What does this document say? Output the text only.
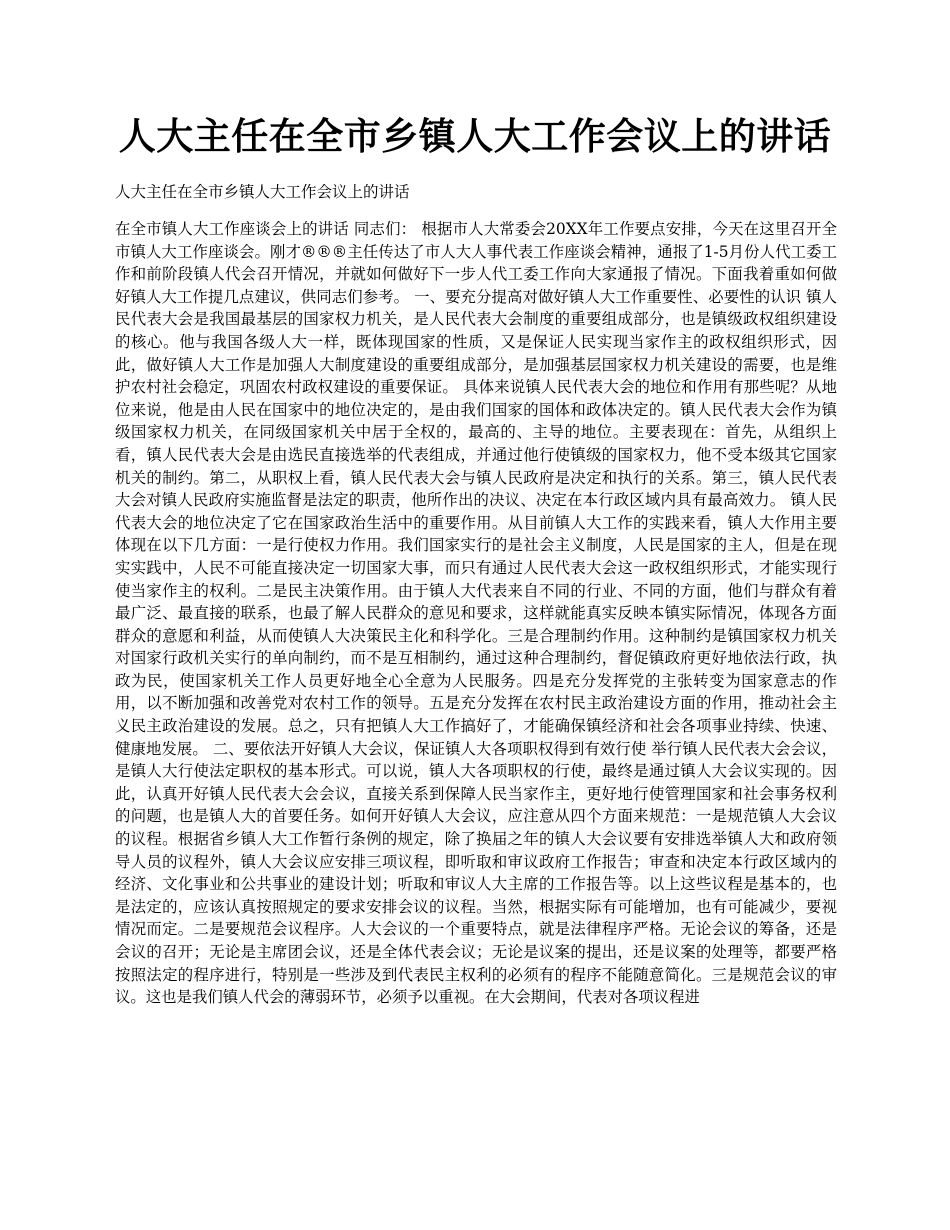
人大主任在全市乡镇人大工作会议上的讲话

人大主任在全市乡镇人大工作会议上的讲话

在全市镇人大工作座谈会上的讲话 同志们： 根据市人大常委会20XX年工作要点安排，今天在这里召开全市镇人大工作座谈会。刚才®®®主任传达了市人大人事代表工作座谈会精神，通报了1-5月份人代工委工作和前阶段镇人代会召开情况，并就如何做好下一步人代工委工作向大家通报了情况。下面我着重如何做好镇人大工作提几点建议，供同志们参考。 一、要充分提高对做好镇人大工作重要性、必要性的认识 镇人民代表大会是我国最基层的国家权力机关，是人民代表大会制度的重要组成部分，也是镇级政权组织建设的核心。他与我国各级人大一样，既体现国家的性质，又是保证人民实现当家作主的政权组织形式，因此，做好镇人大工作是加强人大制度建设的重要组成部分，是加强基层国家权力机关建设的需要，也是维护农村社会稳定，巩固农村政权建设的重要保证。 具体来说镇人民代表大会的地位和作用有那些呢？从地位来说，他是由人民在国家中的地位决定的，是由我们国家的国体和政体决定的。镇人民代表大会作为镇级国家权力机关，在同级国家机关中居于全权的，最高的、主导的地位。主要表现在：首先，从组织上看，镇人民代表大会是由选民直接选举的代表组成，并通过他行使镇级的国家权力，他不受本级其它国家机关的制约。第二，从职权上看，镇人民代表大会与镇人民政府是决定和执行的关系。第三，镇人民代表大会对镇人民政府实施监督是法定的职责，他所作出的决议、决定在本行政区域内具有最高效力。 镇人民代表大会的地位决定了它在国家政治生活中的重要作用。从目前镇人大工作的实践来看，镇人大作用主要体现在以下几方面：一是行使权力作用。我们国家实行的是社会主义制度，人民是国家的主人，但是在现实实践中，人民不可能直接决定一切国家大事，而只有通过人民代表大会这一政权组织形式，才能实现行使当家作主的权利。二是民主决策作用。由于镇人大代表来自不同的行业、不同的方面，他们与群众有着最广泛、最直接的联系，也最了解人民群众的意见和要求，这样就能真实反映本镇实际情况，体现各方面群众的意愿和利益，从而使镇人大决策民主化和科学化。三是合理制约作用。这种制约是镇国家权力机关对国家行政机关实行的单向制约，而不是互相制约，通过这种合理制约，督促镇政府更好地依法行政，执政为民，使国家机关工作人员更好地全心全意为人民服务。四是充分发挥党的主张转变为国家意志的作用，以不断加强和改善党对农村工作的领导。五是充分发挥在农村民主政治建设方面的作用，推动社会主义民主政治建设的发展。总之，只有把镇人大工作搞好了，才能确保镇经济和社会各项事业持续、快速、健康地发展。 二、要依法开好镇人大会议，保证镇人大各项职权得到有效行使 举行镇人民代表大会会议，是镇人大行使法定职权的基本形式。可以说，镇人大各项职权的行使，最终是通过镇人大会议实现的。因此，认真开好镇人民代表大会会议，直接关系到保障人民当家作主，更好地行使管理国家和社会事务权利的问题，也是镇人大的首要任务。如何开好镇人大会议，应注意从四个方面来规范：一是规范镇人大会议的议程。根据省乡镇人大工作暂行条例的规定，除了换届之年的镇人大会议要有安排选举镇人大和政府领导人员的议程外，镇人大会议应安排三项议程，即听取和审议政府工作报告；审查和决定本行政区域内的经济、文化事业和公共事业的建设计划；听取和审议人大主席的工作报告等。以上这些议程是基本的，也是法定的，应该认真按照规定的要求安排会议的议程。当然，根据实际有可能增加，也有可能减少，要视情况而定。二是要规范会议程序。人大会议的一个重要特点，就是法律程序严格。无论会议的筹备，还是会议的召开；无论是主席团会议，还是全体代表会议；无论是议案的提出，还是议案的处理等，都要严格按照法定的程序进行，特别是一些涉及到代表民主权利的必须有的程序不能随意简化。三是规范会议的审议。这也是我们镇人代会的薄弱环节，必须予以重视。在大会期间，代表对各项议程进
